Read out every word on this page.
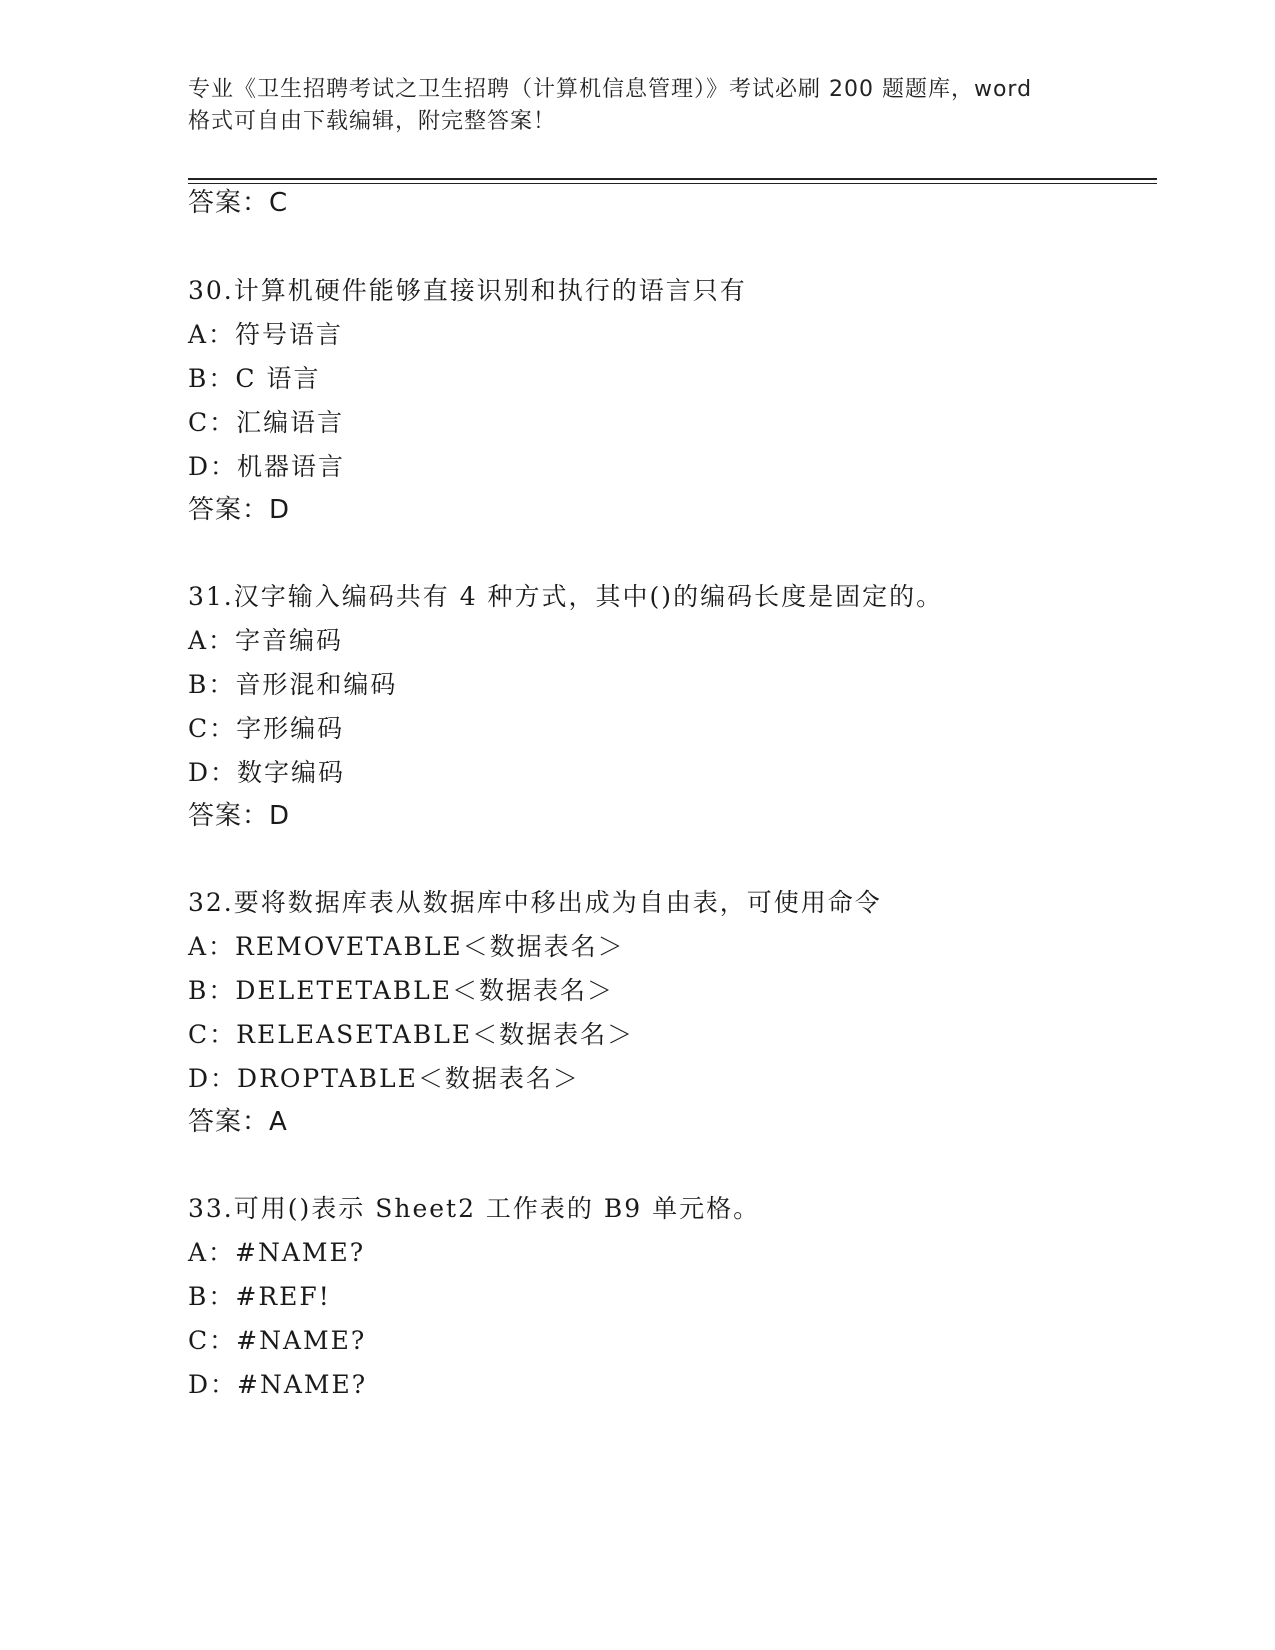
专业《卫生招聘考试之卫生招聘（计算机信息管理）》考试必刷 200 题题库，word
格式可自由下载编辑，附完整答案！
答案：C
30.计算机硬件能够直接识别和执行的语言只有
A：符号语言
B：C 语言
C：汇编语言
D：机器语言
答案：D
31.汉字输入编码共有 4 种方式，其中()的编码长度是固定的。
A：字音编码
B：音形混和编码
C：字形编码
D：数字编码
答案：D
32.要将数据库表从数据库中移出成为自由表，可使用命令
A：REMOVETABLE＜数据表名＞
B：DELETETABLE＜数据表名＞
C：RELEASETABLE＜数据表名＞
D：DROPTABLE＜数据表名＞
答案：A
33.可用()表示 Sheet2 工作表的 B9 单元格。
A：#NAME?
B：#REF!
C：#NAME?
D：#NAME?
